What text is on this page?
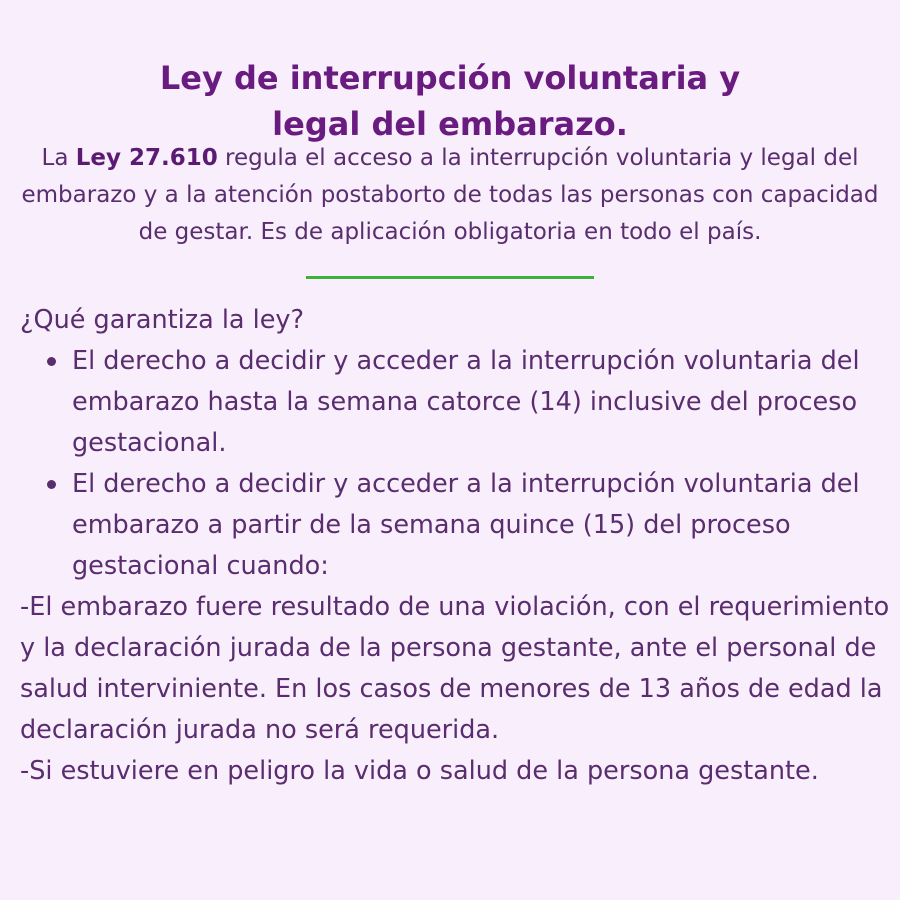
Ley de interrupción voluntaria y
legal del embarazo.
La Ley 27.610 regula el acceso a la interrupción voluntaria y legal del embarazo y a la atención postaborto de todas las personas con capacidad de gestar. Es de aplicación obligatoria en todo el país.

¿Qué garantiza la ley?

El derecho a decidir y acceder a la interrupción voluntaria del embarazo hasta la semana catorce (14) inclusive del proceso gestacional.
El derecho a decidir y acceder a la interrupción voluntaria del embarazo a partir de la semana quince (15) del proceso gestacional cuando:

-El embarazo fuere resultado de una violación, con el requerimiento y la declaración jurada de la persona gestante, ante el personal de salud interviniente. En los casos de menores de 13 años de edad la declaración jurada no será requerida.

-Si estuviere en peligro la vida o salud de la persona gestante.
